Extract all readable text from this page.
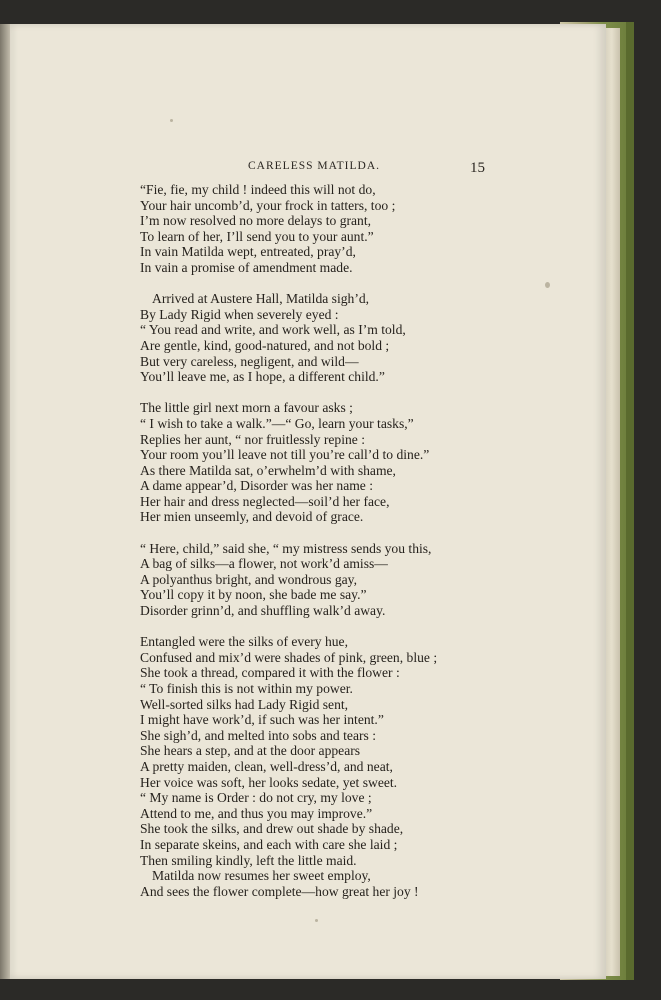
CARELESS MATILDA.	15
“Fie, fie, my child ! indeed this will not do,
Your hair uncomb’d, your frock in tatters, too ;
I’m now resolved no more delays to grant,
To learn of her, I’ll send you to your aunt.”
In vain Matilda wept, entreated, pray’d,
In vain a promise of amendment made.
Arrived at Austere Hall, Matilda sigh’d,
By Lady Rigid when severely eyed :
“ You read and write, and work well, as I’m told,
Are gentle, kind, good-natured, and not bold ;
But very careless, negligent, and wild—
You’ll leave me, as I hope, a different child.”
The little girl next morn a favour asks ;
“ I wish to take a walk.”—“ Go, learn your tasks,”
Replies her aunt, “ nor fruitlessly repine :
Your room you’ll leave not till you’re call’d to dine.”
As there Matilda sat, o’erwhelm’d with shame,
A dame appear’d, Disorder was her name :
Her hair and dress neglected—soil’d her face,
Her mien unseemly, and devoid of grace.
“ Here, child,” said she, “ my mistress sends you this,
A bag of silks—a flower, not work’d amiss—
A polyanthus bright, and wondrous gay,
You’ll copy it by noon, she bade me say.”
Disorder grinn’d, and shuffling walk’d away.
Entangled were the silks of every hue,
Confused and mix’d were shades of pink, green, blue ;
She took a thread, compared it with the flower :
“ To finish this is not within my power.
Well-sorted silks had Lady Rigid sent,
I might have work’d, if such was her intent.”
She sigh’d, and melted into sobs and tears :
She hears a step, and at the door appears
A pretty maiden, clean, well-dress’d, and neat,
Her voice was soft, her looks sedate, yet sweet.
“ My name is Order : do not cry, my love ;
Attend to me, and thus you may improve.”
She took the silks, and drew out shade by shade,
In separate skeins, and each with care she laid ;
Then smiling kindly, left the little maid.
Matilda now resumes her sweet employ,
And sees the flower complete—how great her joy !
